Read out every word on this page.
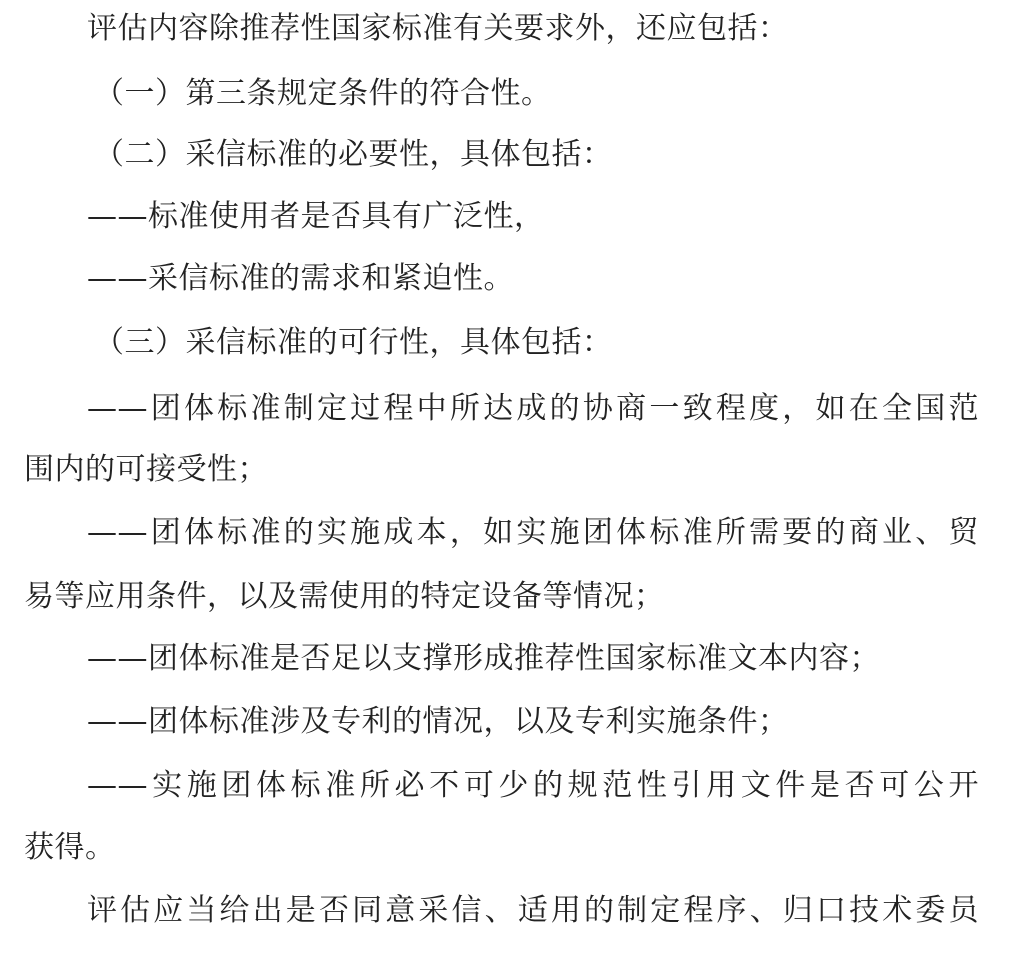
评估内容除推荐性国家标准有关要求外，还应包括：
（一）第三条规定条件的符合性。
（二）采信标准的必要性，具体包括：
——标准使用者是否具有广泛性，
——采信标准的需求和紧迫性。
（三）采信标准的可行性，具体包括：
——团体标准制定过程中所达成的协商一致程度，如在全国范
围内的可接受性；
——团体标准的实施成本，如实施团体标准所需要的商业、贸
易等应用条件，以及需使用的特定设备等情况；
——团体标准是否足以支撑形成推荐性国家标准文本内容；
——团体标准涉及专利的情况，以及专利实施条件；
——实施团体标准所必不可少的规范性引用文件是否可公开
获得。
评估应当给出是否同意采信、适用的制定程序、归口技术委员
